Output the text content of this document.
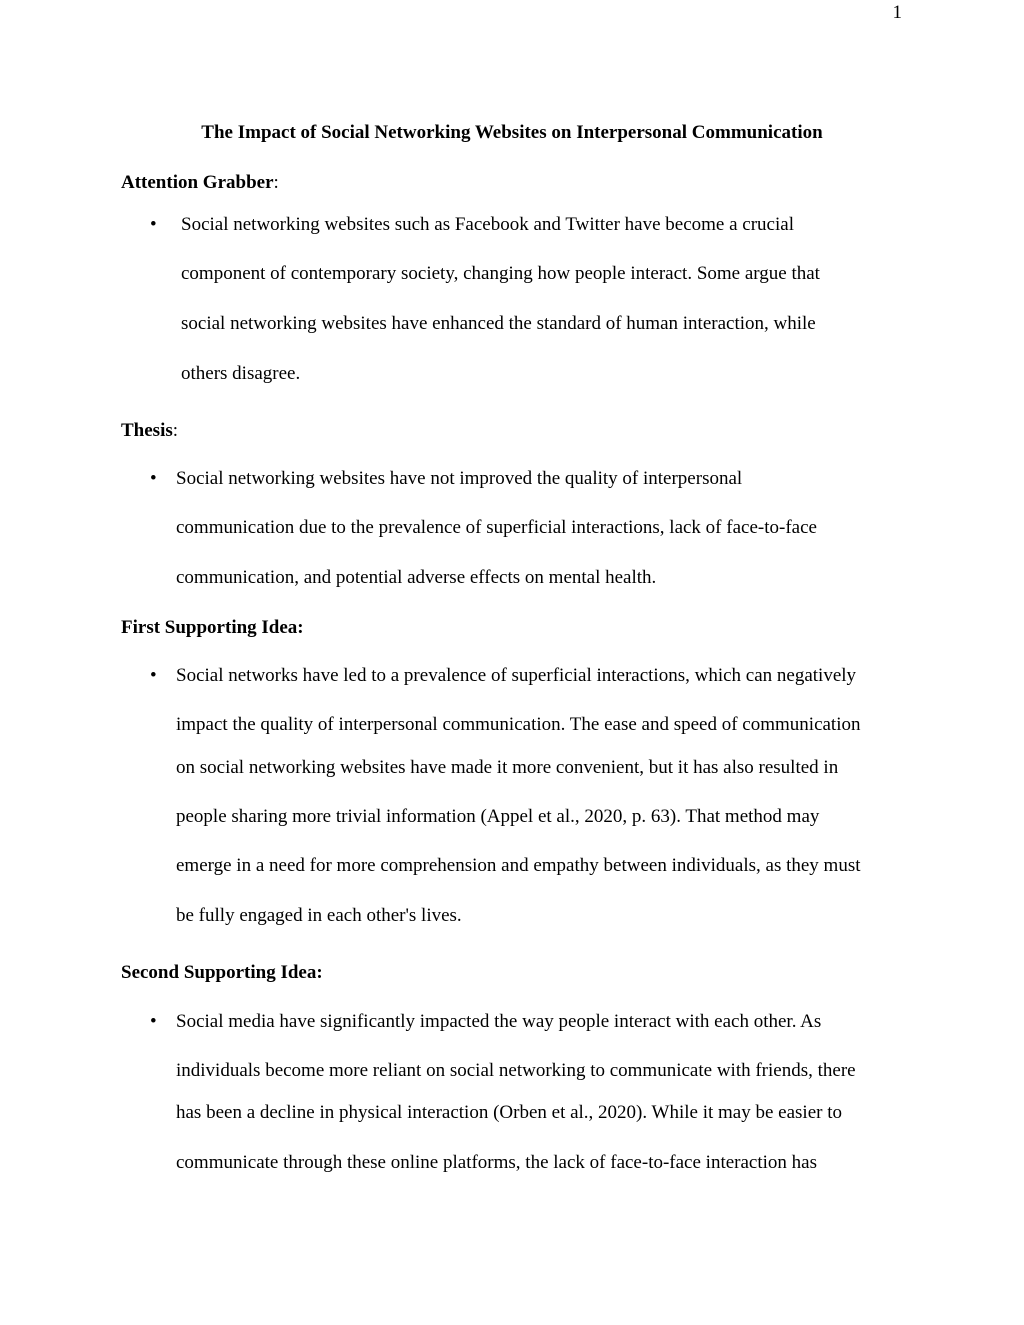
1
The Impact of Social Networking Websites on Interpersonal Communication

Attention Grabber:

• Social networking websites such as Facebook and Twitter have become a crucial
component of contemporary society, changing how people interact. Some argue that
social networking websites have enhanced the standard of human interaction, while
others disagree.

Thesis:

• Social networking websites have not improved the quality of interpersonal
communication due to the prevalence of superficial interactions, lack of face-to-face
communication, and potential adverse effects on mental health.

First Supporting Idea:

• Social networks have led to a prevalence of superficial interactions, which can negatively
impact the quality of interpersonal communication. The ease and speed of communication
on social networking websites have made it more convenient, but it has also resulted in
people sharing more trivial information (Appel et al., 2020, p. 63). That method may
emerge in a need for more comprehension and empathy between individuals, as they must
be fully engaged in each other's lives.

Second Supporting Idea:

• Social media have significantly impacted the way people interact with each other. As
individuals become more reliant on social networking to communicate with friends, there
has been a decline in physical interaction (Orben et al., 2020). While it may be easier to
communicate through these online platforms, the lack of face-to-face interaction has
